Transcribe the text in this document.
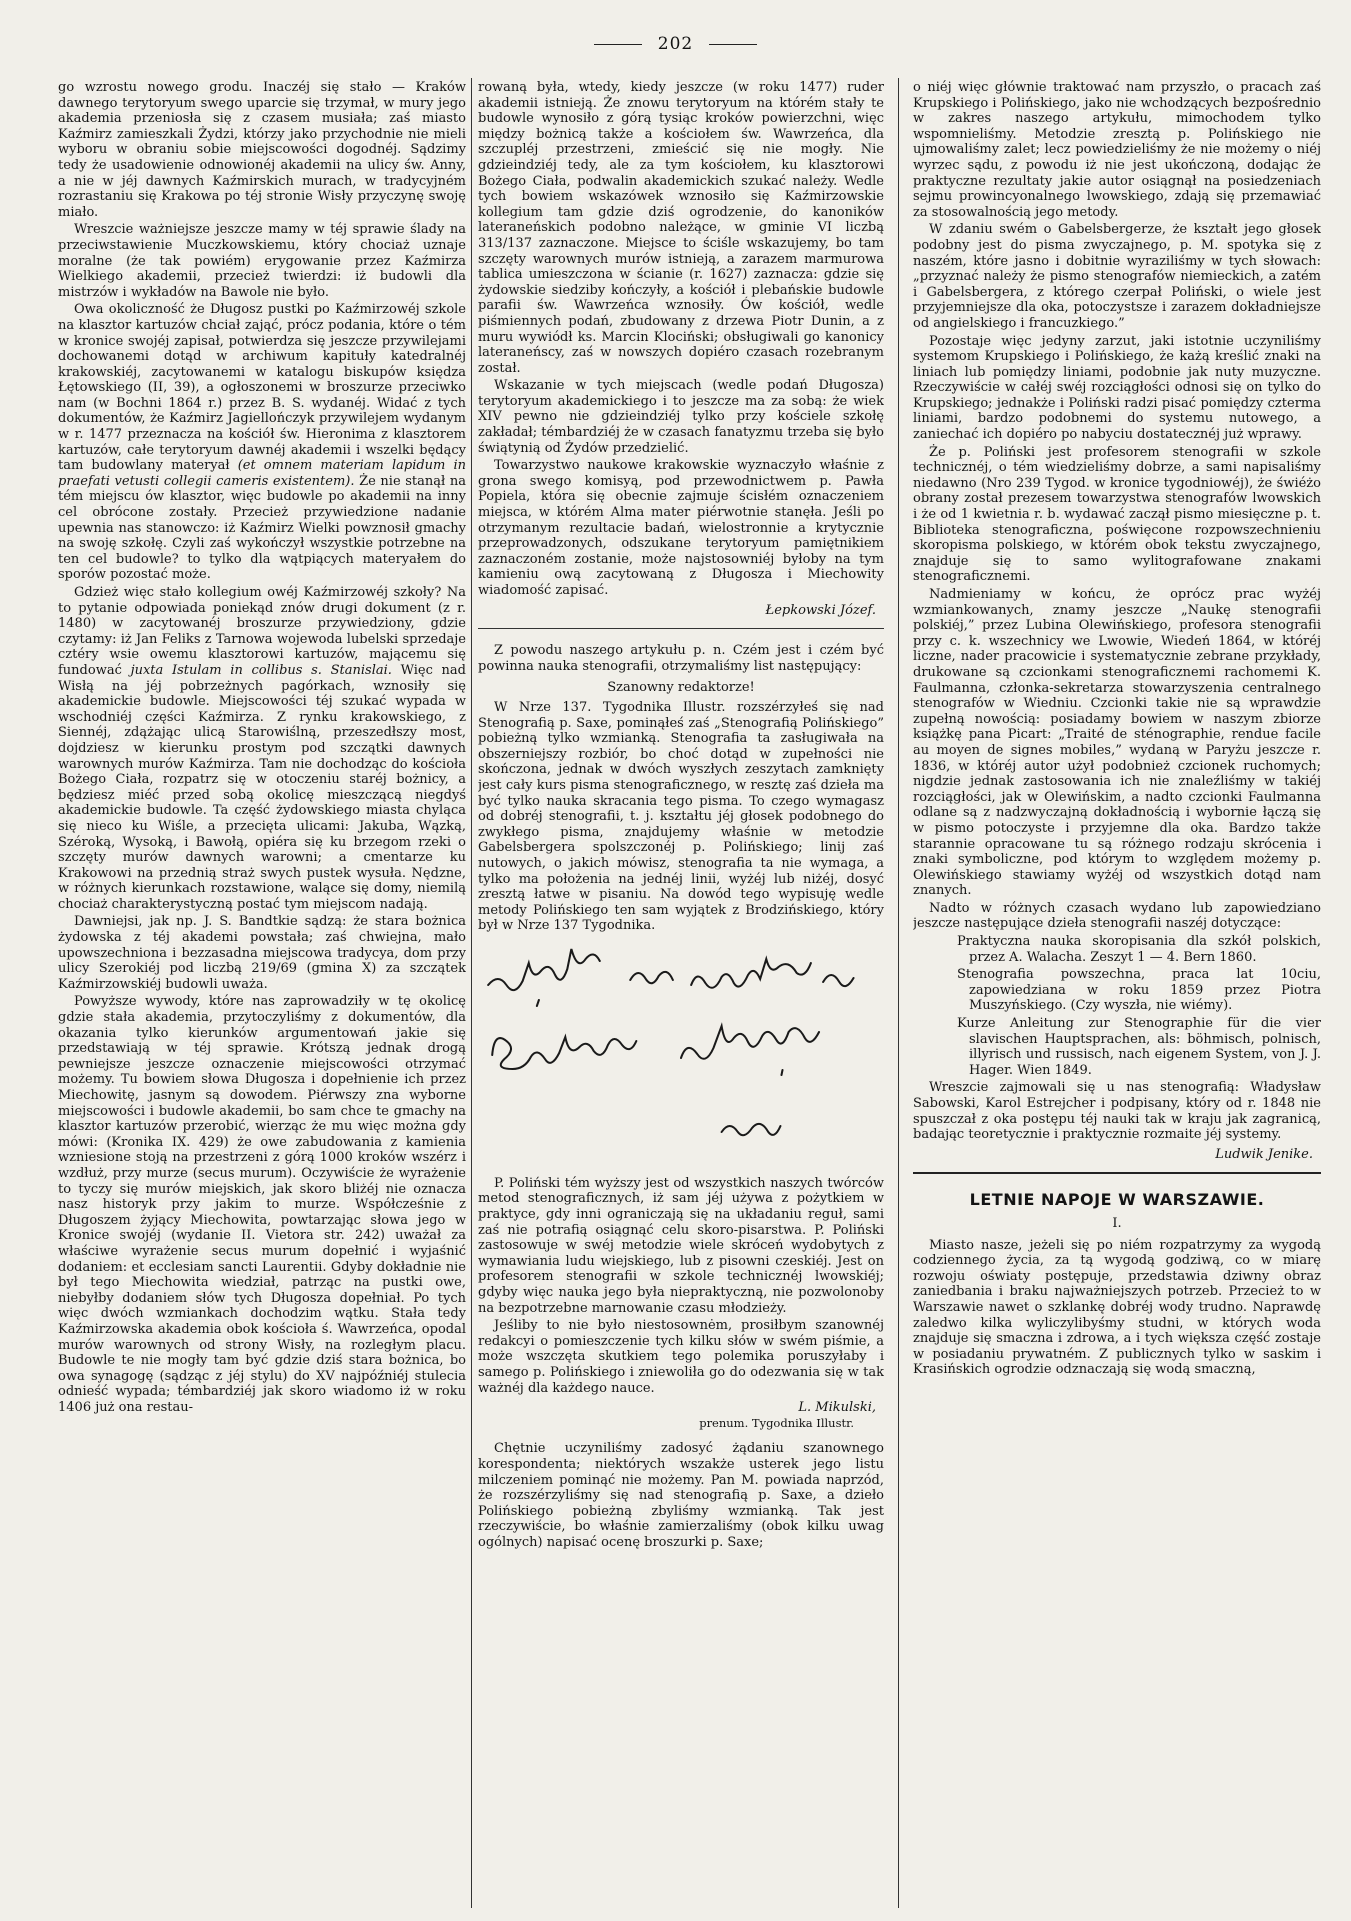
202

go wzrostu nowego grodu. Inaczéj się stało — Kraków dawnego terytoryum swego uparcie się trzymał, w mury jego akademia przeniosła się z czasem musiała; zaś miasto Kaźmirz zamieszkali Żydzi, którzy jako przychodnie nie mieli wyboru w obraniu sobie miejscowości dogodnéj. Sądzimy tedy że usadowienie odnowionéj akademii na ulicy św. Anny, a nie w jéj dawnych Kaźmirskich murach, w tradycyjném rozrastaniu się Krakowa po téj stronie Wisły przyczynę swoję miało.

Wreszcie ważniejsze jeszcze mamy w téj sprawie ślady na przeciwstawienie Muczkowskiemu, który chociaż uznaje moralne (że tak powiém) erygowanie przez Kaźmirza Wielkiego akademii, przecież twierdzi: iż budowli dla mistrzów i wykładów na Bawole nie było.

Owa okoliczność że Długosz pustki po Kaźmirzowéj szkole na klasztor kartuzów chciał zająć, prócz podania, które o tém w kronice swojéj zapisał, potwierdza się jeszcze przywilejami dochowanemi dotąd w archiwum kapituły katedralnéj krakowskiéj, zacytowanemi w katalogu biskupów księdza Łętowskiego (II, 39), a ogłoszonemi w broszurze przeciwko nam (w Bochni 1864 r.) przez B. S. wydanéj. Widać z tych dokumentów, że Kaźmirz Jagiellończyk przywilejem wydanym w r. 1477 przeznacza na kościół św. Hieronima z klasztorem kartuzów, całe terytoryum dawnéj akademii i wszelki będący tam budowlany materyał (et omnem materiam lapidum in praefati vetusti collegii cameris existentem). Że nie stanął na tém miejscu ów klasztor, więc budowle po akademii na inny cel obrócone zostały. Przecież przywiedzione nadanie upewnia nas stanowczo: iż Kaźmirz Wielki powznosił gmachy na swoję szkołę. Czyli zaś wykończył wszystkie potrzebne na ten cel budowle? to tylko dla wątpiących materyałem do sporów pozostać może.

Gdzież więc stało kollegium owéj Kaźmirzowéj szkoły? Na to pytanie odpowiada poniekąd znów drugi dokument (z r. 1480) w zacytowanéj broszurze przywiedziony, gdzie czytamy: iż Jan Feliks z Tarnowa wojewoda lubelski sprzedaje cztéry wsie owemu klasztorowi kartuzów, mającemu się fundować juxta Istulam in collibus s. Stanislai. Więc nad Wisłą na jéj pobrzeżnych pagórkach, wznosiły się akademickie budowle. Miejscowości téj szukać wypada w wschodniéj części Kaźmirza. Z rynku krakowskiego, z Siennéj, zdążając ulicą Starowiślną, przeszedłszy most, dojdziesz w kierunku prostym pod szczątki dawnych warownych murów Kaźmirza. Tam nie dochodząc do kościoła Bożego Ciała, rozpatrz się w otoczeniu staréj bożnicy, a będziesz miéć przed sobą okolicę mieszczącą niegdyś akademickie budowle. Ta część żydowskiego miasta chyląca się nieco ku Wiśle, a przecięta ulicami: Jakuba, Wązką, Széroką, Wysoką, i Bawołą, opiéra się ku brzegom rzeki o szczęty murów dawnych warowni; a cmentarze ku Krakowowi na przednią straż swych pustek wysuła. Nędzne, w różnych kierunkach rozstawione, walące się domy, niemilą chociaż charakterystyczną postać tym miejscom nadają.

Dawniejsi, jak np. J. S. Bandtkie sądzą: że stara bożnica żydowska z téj akademi powstała; zaś chwiejna, mało upowszechniona i bezzasadna miejscowa tradycya, dom przy ulicy Szerokiéj pod liczbą 219/69 (gmina X) za szczątek Kaźmirzowskiéj budowli uważa.

Powyższe wywody, które nas zaprowadziły w tę okolicę gdzie stała akademia, przytoczyliśmy z dokumentów, dla okazania tylko kierunków argumentowań jakie się przedstawiają w téj sprawie. Krótszą jednak drogą pewniejsze jeszcze oznaczenie miejscowości otrzymać możemy. Tu bowiem słowa Długosza i dopełnienie ich przez Miechowitę, jasnym są dowodem. Piérwszy zna wyborne miejscowości i budowle akademii, bo sam chce te gmachy na klasztor kartuzów przerobić, wierząc że mu więc można gdy mówi: (Kronika IX. 429) że owe zabudowania z kamienia wzniesione stoją na przestrzeni z górą 1000 kroków wszérz i wzdłuż, przy murze (secus murum). Oczywiście że wyrażenie to tyczy się murów miejskich, jak skoro bliżéj nie oznacza nasz historyk przy jakim to murze. Współcześnie z Długoszem żyjący Miechowita, powtarzając słowa jego w Kronice swojéj (wydanie II. Vietora str. 242) uważał za właściwe wyrażenie secus murum dopełnić i wyjaśnić dodaniem: et ecclesiam sancti Laurentii. Gdyby dokładnie nie był tego Miechowita wiedział, patrząc na pustki owe, niebyłby dodaniem słów tych Długosza dopełniał. Po tych więc dwóch wzmiankach dochodzim wątku. Stała tedy Kaźmirzowska akademia obok kościoła ś. Wawrzeńca, opodal murów warownych od strony Wisły, na rozległym placu. Budowle te nie mogły tam być gdzie dziś stara bożnica, bo owa synagogę (sądząc z jéj stylu) do XV najpóźniéj stulecia odnieść wypada; témbardziéj jak skoro wiadomo iż w roku 1406 już ona restau-

rowaną była, wtedy, kiedy jeszcze (w roku 1477) ruder akademii istnieją. Że znowu terytoryum na którém stały te budowle wynosiło z górą tysiąc kroków powierzchni, więc między bożnicą także a kościołem św. Wawrzeńca, dla szczupléj przestrzeni, zmieścić się nie mogły. Nie gdzieindziéj tedy, ale za tym kościołem, ku klasztorowi Bożego Ciała, podwalin akademickich szukać należy. Wedle tych bowiem wskazówek wznosiło się Kaźmirzowskie kollegium tam gdzie dziś ogrodzenie, do kanoników lateraneńskich podobno należące, w gminie VI liczbą 313/137 zaznaczone. Miejsce to ściśle wskazujemy, bo tam szczęty warownych murów istnieją, a zarazem marmurowa tablica umieszczona w ścianie (r. 1627) zaznacza: gdzie się żydowskie siedziby kończyły, a kościół i plebańskie budowle parafii św. Wawrzeńca wznosiły. Ów kościół, wedle piśmiennych podań, zbudowany z drzewa Piotr Dunin, a z muru wywiódł ks. Marcin Klociński; obsługiwali go kanonicy lateraneńscy, zaś w nowszych dopiéro czasach rozebranym został.

Wskazanie w tych miejscach (wedle podań Długosza) terytoryum akademickiego i to jeszcze ma za sobą: że wiek XIV pewno nie gdzieindziéj tylko przy kościele szkołę zakładał; témbardziéj że w czasach fanatyzmu trzeba się było świątynią od Żydów przedzielić.

Towarzystwo naukowe krakowskie wyznaczyło właśnie z grona swego komisyą, pod przewodnictwem p. Pawła Popiela, która się obecnie zajmuje ścisłém oznaczeniem miejsca, w którém Alma mater piérwotnie stanęła. Jeśli po otrzymanym rezultacie badań, wielostronnie a krytycznie przeprowadzonych, odszukane terytoryum pamiętnikiem zaznaczoném zostanie, może najstosowniéj byłoby na tym kamieniu ową zacytowaną z Długosza i Miechowity wiadomość zapisać.

Łepkowski Józef.

Z powodu naszego artykułu p. n. Czém jest i czém być powinna nauka stenografii, otrzymaliśmy list następujący:

Szanowny redaktorze!

W Nrze 137. Tygodnika Illustr. rozszérzyłeś się nad Stenografią p. Saxe, pominąłeś zaś „Stenografią Polińskiego” pobieżną tylko wzmianką. Stenografia ta zasługiwała na obszerniejszy rozbiór, bo choć dotąd w zupełności nie skończona, jednak w dwóch wyszłych zeszytach zamknięty jest cały kurs pisma stenograficznego, w resztę zaś dzieła ma być tylko nauka skracania tego pisma. To czego wymagasz od dobréj stenografii, t. j. kształtu jéj głosek podobnego do zwykłego pisma, znajdujemy właśnie w metodzie Gabelsbergera spolszczonéj p. Polińskiego; linij zaś nutowych, o jakich mówisz, stenografia ta nie wymaga, a tylko ma położenia na jednéj linii, wyżéj lub niżéj, dosyć zresztą łatwe w pisaniu. Na dowód tego wypisuję wedle metody Polińskiego ten sam wyjątek z Brodzińskiego, który był w Nrze 137 Tygodnika.

P. Poliński tém wyższy jest od wszystkich naszych twórców metod stenograficznych, iż sam jéj używa z pożytkiem w praktyce, gdy inni ograniczają się na układaniu reguł, sami zaś nie potrafią osiągnąć celu skoro-pisarstwa. P. Poliński zastosowuje w swéj metodzie wiele skróceń wydobytych z wymawiania ludu wiejskiego, lub z pisowni czeskiéj. Jest on profesorem stenografii w szkole technicznéj lwowskiéj; gdyby więc nauka jego była niepraktyczną, nie pozwolonoby na bezpotrzebne marnowanie czasu młodzieży.

Jeśliby to nie było niestosownėm, prosiłbym szanownéj redakcyi o pomieszczenie tych kilku słów w swém piśmie, a może wszczęta skutkiem tego polemika poruszyłaby i samego p. Polińskiego i zniewoliła go do odezwania się w tak ważnéj dla każdego nauce.

L. Mikulski,
prenum. Tygodnika Illustr.

Chętnie uczyniliśmy zadosyć żądaniu szanownego korespondenta; niektórych wszakże usterek jego listu milczeniem pominąć nie możemy. Pan M. powiada naprzód, że rozszérzyliśmy się nad stenografią p. Saxe, a dzieło Polińskiego pobieżną zbyliśmy wzmianką. Tak jest rzeczywiście, bo właśnie zamierzaliśmy (obok kilku uwag ogólnych) napisać ocenę broszurki p. Saxe;

o niéj więc głównie traktować nam przyszło, o pracach zaś Krupskiego i Polińskiego, jako nie wchodzących bezpośrednio w zakres naszego artykułu, mimochodem tylko wspomnieliśmy. Metodzie zresztą p. Polińskiego nie ujmowaliśmy zalet; lecz powiedzieliśmy że nie możemy o niéj wyrzec sądu, z powodu iż nie jest ukończoną, dodając że praktyczne rezultaty jakie autor osiągnął na posiedzeniach sejmu prowincyonalnego lwowskiego, zdają się przemawiać za stosowalnością jego metody.

W zdaniu swém o Gabelsbergerze, że kształt jego głosek podobny jest do pisma zwyczajnego, p. M. spotyka się z naszém, które jasno i dobitnie wyraziliśmy w tych słowach: „przyznać należy że pismo stenografów niemieckich, a zatém i Gabelsbergera, z którego czerpał Poliński, o wiele jest przyjemniejsze dla oka, potoczystsze i zarazem dokładniejsze od angielskiego i francuzkiego.”

Pozostaje więc jedyny zarzut, jaki istotnie uczyniliśmy systemom Krupskiego i Polińskiego, że każą kreślić znaki na liniach lub pomiędzy liniami, podobnie jak nuty muzyczne. Rzeczywiście w całéj swéj rozciągłości odnosi się on tylko do Krupskiego; jednakże i Poliński radzi pisać pomiędzy czterma liniami, bardzo podobnemi do systemu nutowego, a zaniechać ich dopiéro po nabyciu dostatecznéj już wprawy.

Że p. Poliński jest profesorem stenografii w szkole technicznéj, o tém wiedzieliśmy dobrze, a sami napisaliśmy niedawno (Nro 239 Tygod. w kronice tygodniowéj), że świéżo obrany został prezesem towarzystwa stenografów lwowskich i że od 1 kwietnia r. b. wydawać zaczął pismo miesięczne p. t. Biblioteka stenograficzna, poświęcone rozpowszechnieniu skoropisma polskiego, w którém obok tekstu zwyczajnego, znajduje się to samo wylitografowane znakami stenograficznemi.

Nadmieniamy w końcu, że oprócz prac wyżéj wzmiankowanych, znamy jeszcze „Naukę stenografii polskiéj,” przez Lubina Olewińskiego, profesora stenografii przy c. k. wszechnicy we Lwowie, Wiedeń 1864, w któréj liczne, nader pracowicie i systematycznie zebrane przykłady, drukowane są czcionkami stenograficznemi rachomemi K. Faulmanna, członka-sekretarza stowarzyszenia centralnego stenografów w Wiedniu. Czcionki takie nie są wprawdzie zupełną nowością: posiadamy bowiem w naszym zbiorze książkę pana Picart: „Traité de sténographie, rendue facile au moyen de signes mobiles,” wydaną w Paryżu jeszcze r. 1836, w któréj autor użył podobnież czcionek ruchomych; nigdzie jednak zastosowania ich nie znaleźliśmy w takiéj rozciągłości, jak w Olewińskim, a nadto czcionki Faulmanna odlane są z nadzwyczajną dokładnością i wybornie łączą się w pismo potoczyste i przyjemne dla oka. Bardzo także starannie opracowane tu są różnego rodzaju skrócenia i znaki symboliczne, pod którym to względem możemy p. Olewińskiego stawiamy wyżéj od wszystkich dotąd nam znanych.

Nadto w różnych czasach wydano lub zapowiedziano jeszcze następujące dzieła stenografii naszéj dotyczące:

Praktyczna nauka skoropisania dla szkół polskich, przez A. Walacha. Zeszyt 1 — 4. Bern 1860.

Stenografia powszechna, praca lat 10ciu, zapowiedziana w roku 1859 przez Piotra Muszyńskiego. (Czy wyszła, nie wiémy).

Kurze Anleitung zur Stenographie für die vier slavischen Hauptsprachen, als: böhmisch, polnisch, illyrisch und russisch, nach eigenem System, von J. J. Hager. Wien 1849.

Wreszcie zajmowali się u nas stenografią: Władysław Sabowski, Karol Estrejcher i podpisany, który od r. 1848 nie spuszczał z oka postępu téj nauki tak w kraju jak zagranicą, badając teoretycznie i praktycznie rozmaite jéj systemy.

Ludwik Jenike.
LETNIE NAPOJE W WARSZAWIE.
I.

Miasto nasze, jeżeli się po niém rozpatrzymy za wygodą codziennego życia, za tą wygodą godziwą, co w miarę rozwoju oświaty postępuje, przedstawia dziwny obraz zaniedbania i braku najważniejszych potrzeb. Przecież to w Warszawie nawet o szklankę dobréj wody trudno. Naprawdę zaledwo kilka wyliczylibyśmy studni, w których woda znajduje się smaczna i zdrowa, a i tych większa część zostaje w posiadaniu prywatném. Z publicznych tylko w saskim i Krasińskich ogrodzie odznaczają się wodą smaczną,
